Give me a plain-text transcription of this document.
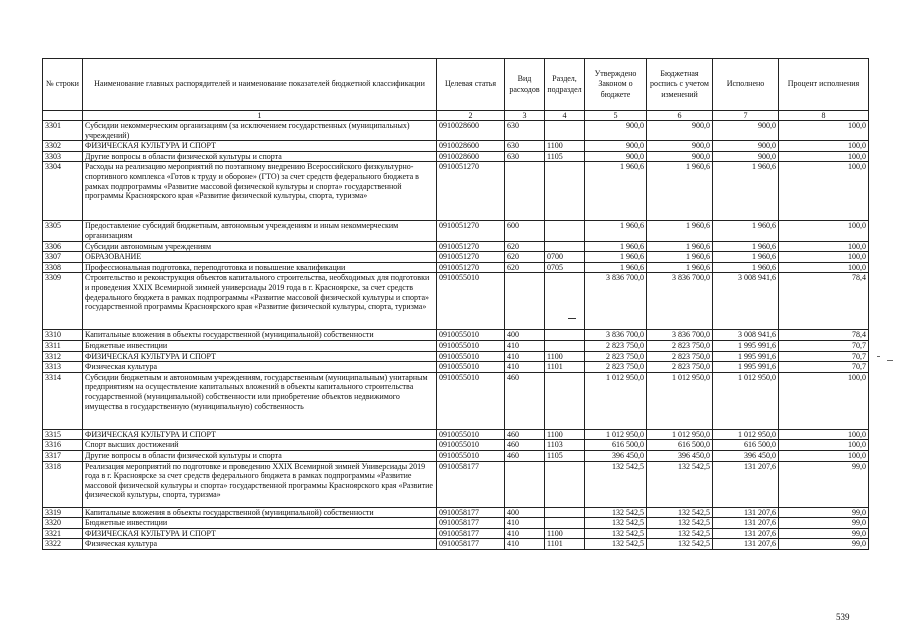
№ строки	Наименование главных распорядителей и наименование показателей бюджетной классификации	Целевая статья	Вид расходов	Раздел, подраздел	Утверждено Законом о бюджете	Бюджетная роспись с учетом изменений	Исполнено	Процент исполнения
	1	2	3	4	5	6	7	8
3301	Субсидии некоммерческим организациям (за исключением государственных (муниципальных) учреждений)	0910028600	630		900,0	900,0	900,0	100,0
3302	ФИЗИЧЕСКАЯ КУЛЬТУРА И СПОРТ	0910028600	630	1100	900,0	900,0	900,0	100,0
3303	Другие вопросы в области физической культуры и спорта	0910028600	630	1105	900,0	900,0	900,0	100,0
3304	Расходы на реализацию мероприятий по поэтапному внедрению Всероссийского физкультурно-спортивного комплекса «Готов к труду и обороне» (ГТО) за счет средств федерального бюджета в рамках подпрограммы «Развитие массовой физической культуры и спорта» государственной программы Красноярского края «Развитие физической культуры, спорта, туризма»	0910051270			1 960,6	1 960,6	1 960,6	100,0
3305	Предоставление субсидий бюджетным, автономным учреждениям и иным некоммерческим организациям	0910051270	600		1 960,6	1 960,6	1 960,6	100,0
3306	Субсидии автономным учреждениям	0910051270	620		1 960,6	1 960,6	1 960,6	100,0
3307	ОБРАЗОВАНИЕ	0910051270	620	0700	1 960,6	1 960,6	1 960,6	100,0
3308	Профессиональная подготовка, переподготовка и повышение квалификации	0910051270	620	0705	1 960,6	1 960,6	1 960,6	100,0
3309	Строительство и реконструкция объектов капитального строительства, необходимых для подготовки и проведения XXIX Всемирной зимней универсиады 2019 года в г. Красноярске, за счет средств федерального бюджета в рамках подпрограммы «Развитие массовой физической культуры и спорта» государственной программы Красноярского края «Развитие физической культуры, спорта, туризма»	0910055010			3 836 700,0	3 836 700,0	3 008 941,6	78,4
3310	Капитальные вложения в объекты государственной (муниципальной) собственности	0910055010	400		3 836 700,0	3 836 700,0	3 008 941,6	78,4
3311	Бюджетные инвестиции	0910055010	410		2 823 750,0	2 823 750,0	1 995 991,6	70,7
3312	ФИЗИЧЕСКАЯ КУЛЬТУРА И СПОРТ	0910055010	410	1100	2 823 750,0	2 823 750,0	1 995 991,6	70,7
3313	Физическая культура	0910055010	410	1101	2 823 750,0	2 823 750,0	1 995 991,6	70,7
3314	Субсидии бюджетным и автономным учреждениям, государственным (муниципальным) унитарным предприятиям на осуществление капитальных вложений в объекты капитального строительства государственной (муниципальной) собственности или приобретение объектов недвижимого имущества в государственную (муниципальную) собственность	0910055010	460		1 012 950,0	1 012 950,0	1 012 950,0	100,0
3315	ФИЗИЧЕСКАЯ КУЛЬТУРА И СПОРТ	0910055010	460	1100	1 012 950,0	1 012 950,0	1 012 950,0	100,0
3316	Спорт высших достижений	0910055010	460	1103	616 500,0	616 500,0	616 500,0	100,0
3317	Другие вопросы в области физической культуры и спорта	0910055010	460	1105	396 450,0	396 450,0	396 450,0	100,0
3318	Реализация мероприятий по подготовке и проведению XXIX Всемирной зимней Универсиады 2019 года в г. Красноярске за счет средств федерального бюджета в рамках подпрограммы «Развитие массовой физической культуры и спорта» государственной программы Красноярского края «Развитие физической культуры, спорта, туризма»	0910058177			132 542,5	132 542,5	131 207,6	99,0
3319	Капитальные вложения в объекты государственной (муниципальной) собственности	0910058177	400		132 542,5	132 542,5	131 207,6	99,0
3320	Бюджетные инвестиции	0910058177	410		132 542,5	132 542,5	131 207,6	99,0
3321	ФИЗИЧЕСКАЯ КУЛЬТУРА И СПОРТ	0910058177	410	1100	132 542,5	132 542,5	131 207,6	99,0
3322	Физическая культура	0910058177	410	1101	132 542,5	132 542,5	131 207,6	99,0
539
